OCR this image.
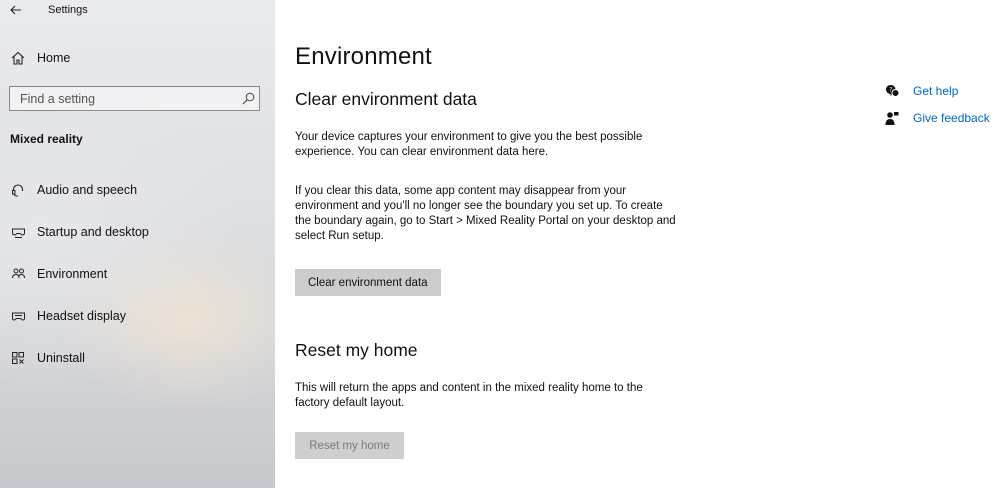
Settings
Home
Find a setting
Mixed reality
Audio and speech
Startup and desktop
Environment
Headset display
Uninstall
Environment
Clear environment data

Your device captures your environment to give you the best possible experience. You can clear environment data here.

If you clear this data, some app content may disappear from your environment and you'll no longer see the boundary you set up. To create the boundary again, go to Start > Mixed Reality Portal on your desktop and select Run setup.

Clear environment data
Reset my home

This will return the apps and content in the mixed reality home to the factory default layout.

Reset my home
? Get help
Give feedback
